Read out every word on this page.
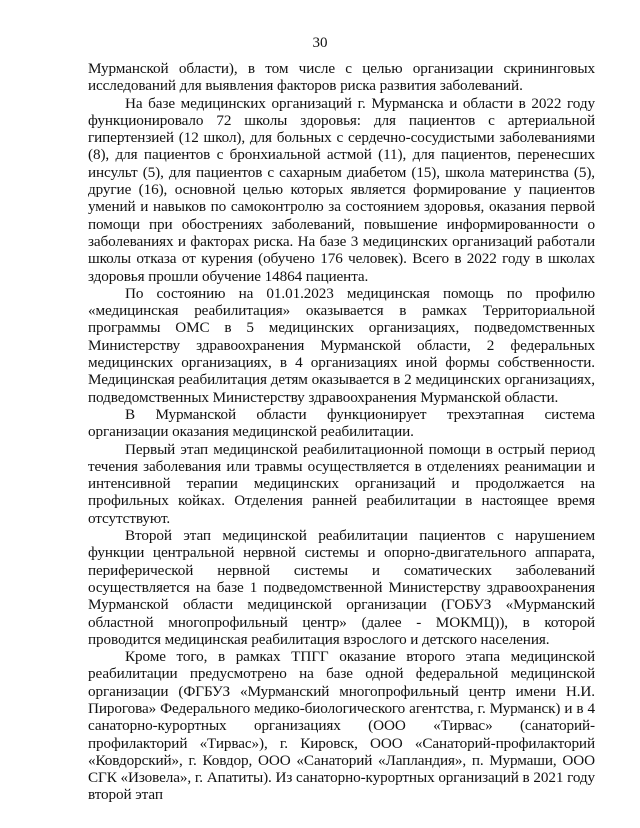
30

Мурманской области), в том числе с целью организации скрининговых исследований для выявления факторов риска развития заболеваний.

На базе медицинских организаций г. Мурманска и области в 2022 году функционировало 72 школы здоровья: для пациентов с артериальной гипертензией (12 школ), для больных с сердечно-сосудистыми заболеваниями (8), для пациентов с бронхиальной астмой (11), для пациентов, перенесших инсульт (5), для пациентов с сахарным диабетом (15), школа материнства (5), другие (16), основной целью которых является формирование у пациентов умений и навыков по самоконтролю за состоянием здоровья, оказания первой помощи при обострениях заболеваний, повышение информированности о заболеваниях и факторах риска. На базе 3 медицинских организаций работали школы отказа от курения (обучено 176 человек). Всего в 2022 году в школах здоровья прошли обучение 14864 пациента.

По состоянию на 01.01.2023 медицинская помощь по профилю «медицинская реабилитация» оказывается в рамках Территориальной программы ОМС в 5 медицинских организациях, подведомственных Министерству здравоохранения Мурманской области, 2 федеральных медицинских организациях, в 4 организациях иной формы собственности. Медицинская реабилитация детям оказывается в 2 медицинских организациях, подведомственных Министерству здравоохранения Мурманской области.

В Мурманской области функционирует трехэтапная система организации оказания медицинской реабилитации.

Первый этап медицинской реабилитационной помощи в острый период течения заболевания или травмы осуществляется в отделениях реанимации и интенсивной терапии медицинских организаций и продолжается на профильных койках. Отделения ранней реабилитации в настоящее время отсутствуют.

Второй этап медицинской реабилитации пациентов с нарушением функции центральной нервной системы и опорно-двигательного аппарата, периферической нервной системы и соматических заболеваний осуществляется на базе 1 подведомственной Министерству здравоохранения Мурманской области медицинской организации (ГОБУЗ «Мурманский областной многопрофильный центр» (далее - МОКМЦ)), в которой проводится медицинская реабилитация взрослого и детского населения.

Кроме того, в рамках ТПГГ оказание второго этапа медицинской реабилитации предусмотрено на базе одной федеральной медицинской организации (ФГБУЗ «Мурманский многопрофильный центр имени Н.И. Пирогова» Федерального медико-биологического агентства, г. Мурманск) и в 4 санаторно-курортных организациях (ООО «Тирвас» (санаторий-профилакторий «Тирвас»), г. Кировск, ООО «Санаторий-профилакторий «Ковдорский», г. Ковдор, ООО «Санаторий «Лапландия», п. Мурмаши, ООО СГК «Изовела», г. Апатиты). Из санаторно-курортных организаций в 2021 году второй этап
